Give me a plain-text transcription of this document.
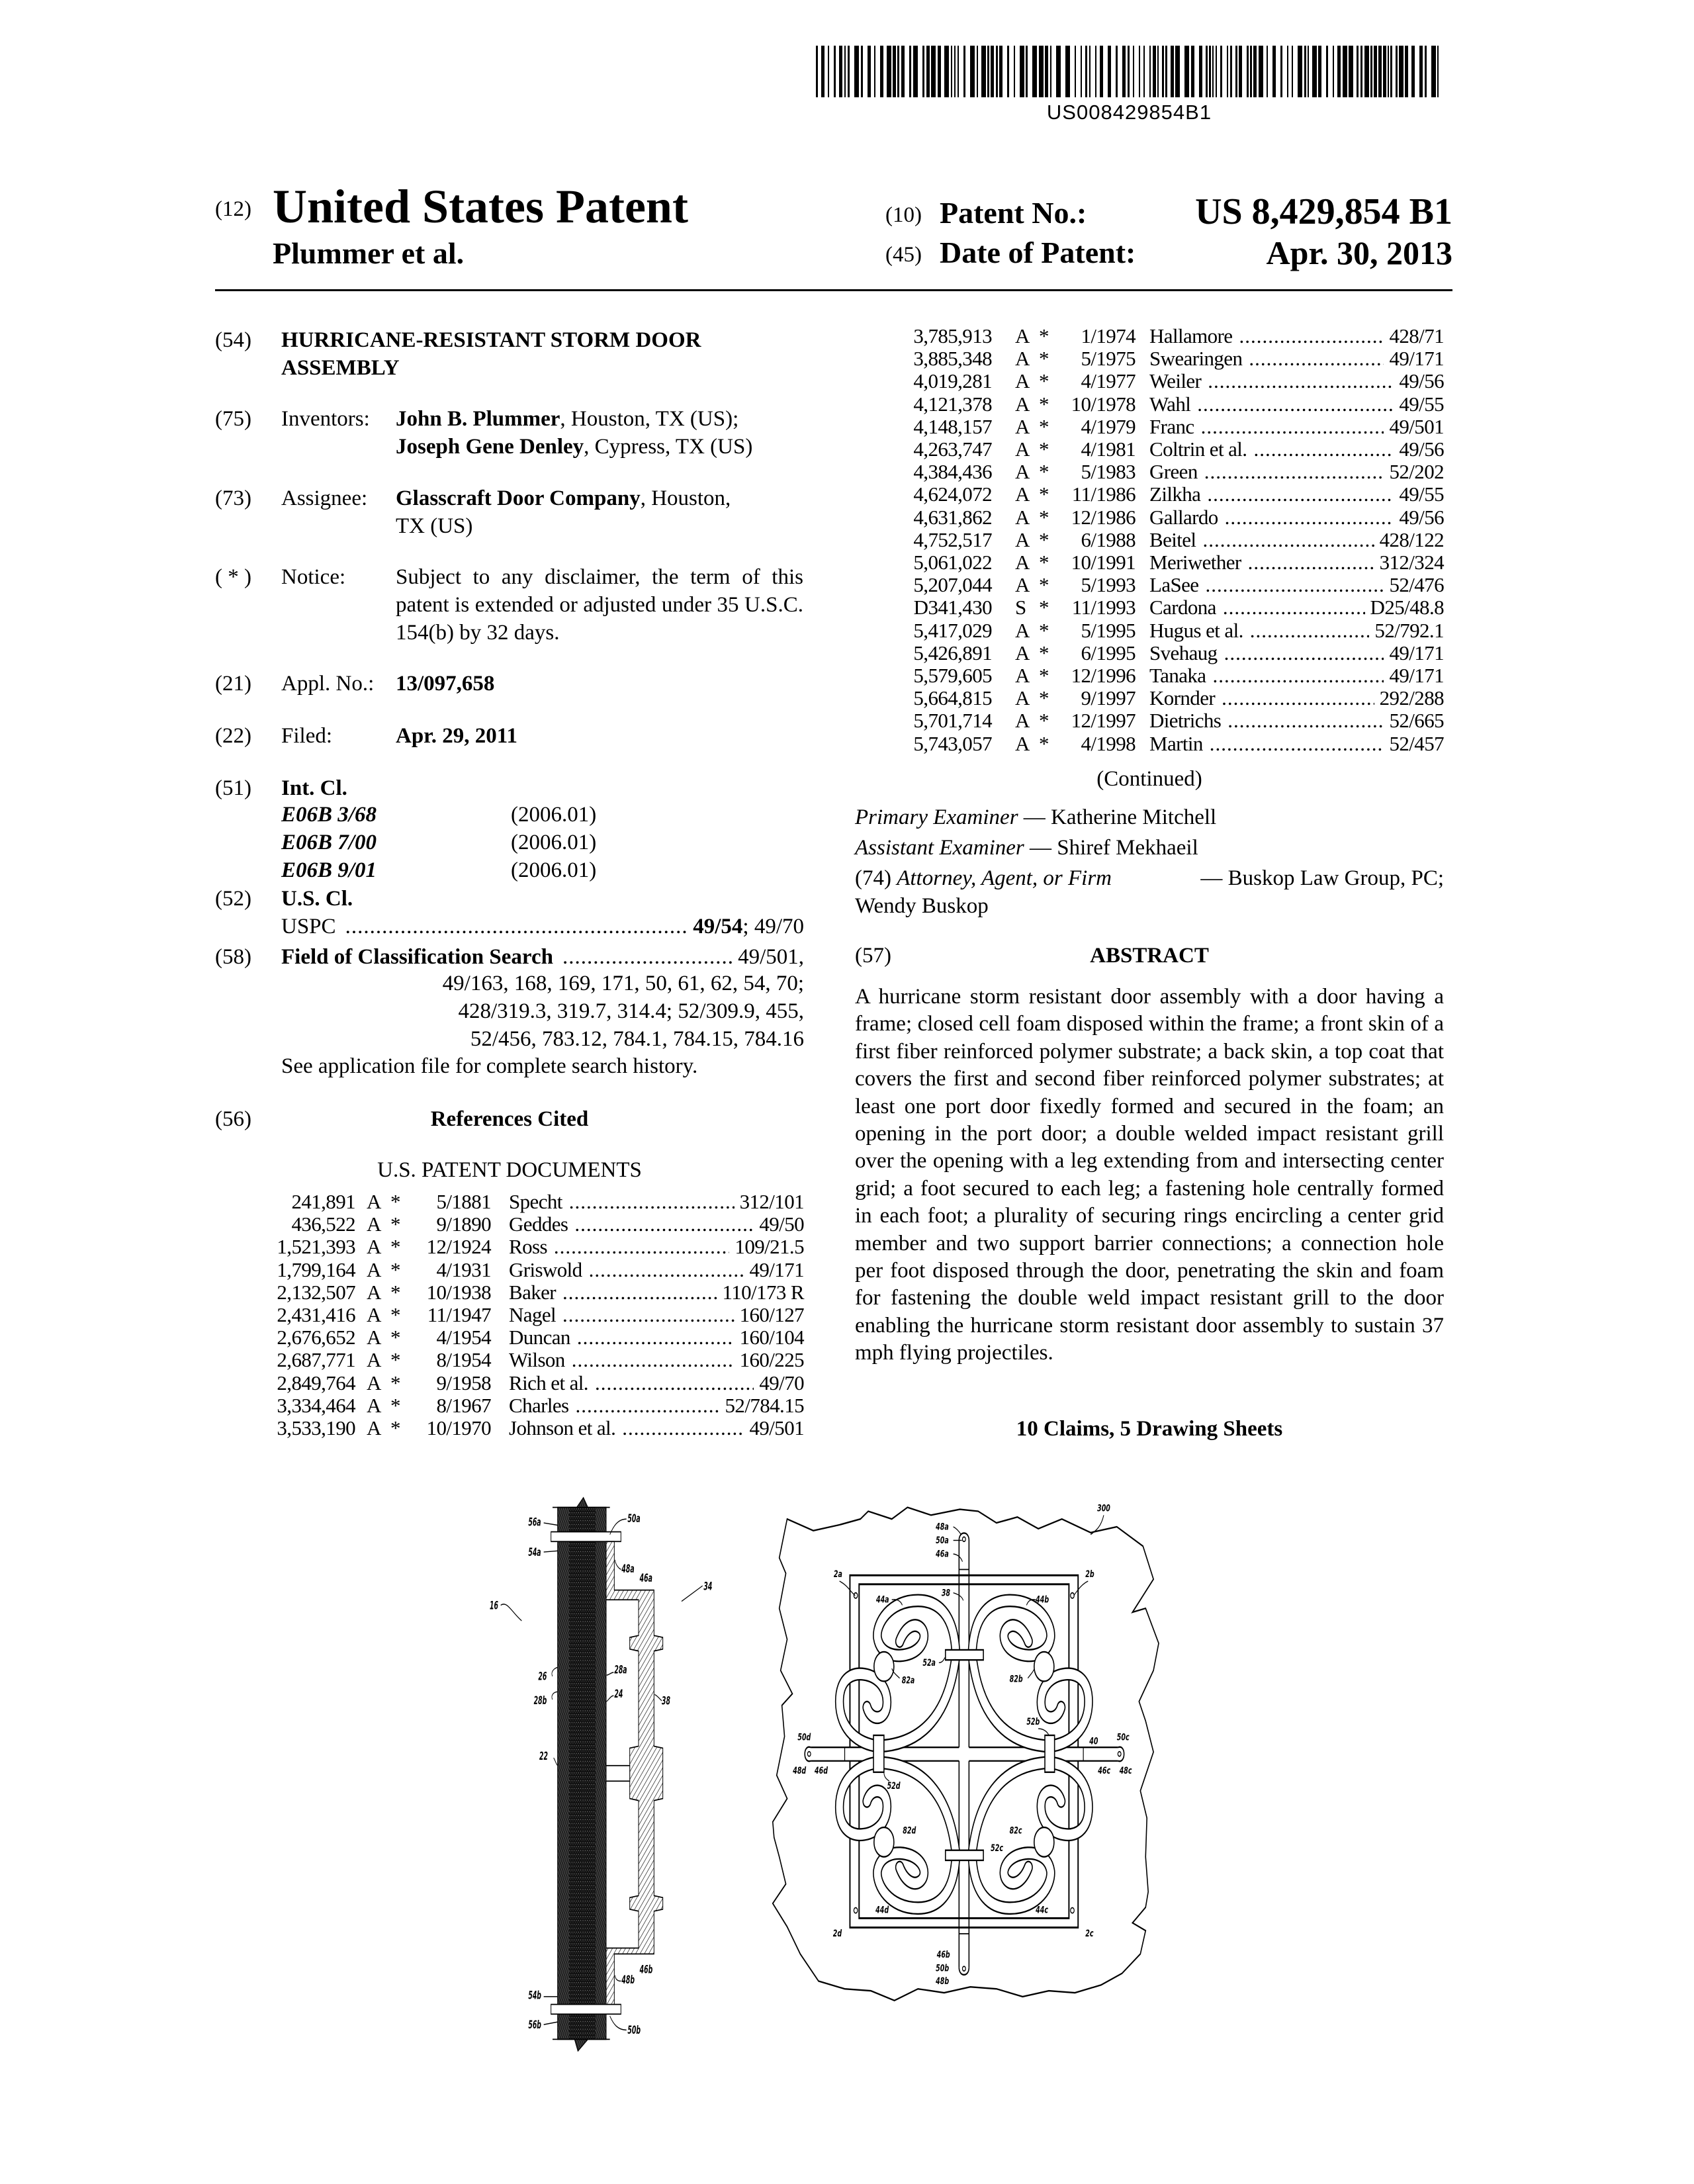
US008429854B1
(12) United States Patent
Plummer et al.
(10) Patent No.:	US 8,429,854 B1
(45) Date of Patent:	Apr. 30, 2013
(54) HURRICANE-RESISTANT STORM DOOR
ASSEMBLY
(75) Inventors: John B. Plummer, Houston, TX (US);
Joseph Gene Denley, Cypress, TX (US)
(73) Assignee: Glasscraft Door Company, Houston,
TX (US)
( * ) Notice: Subject to any disclaimer, the term of this patent is extended or adjusted under 35 U.S.C. 154(b) by 32 days.
(21) Appl. No.: 13/097,658
(22) Filed:	Apr. 29, 2011
(51) Int. Cl.
E06B 3/68	(2006.01)
E06B 7/00	(2006.01)
E06B 9/01	(2006.01)
(52) U.S. Cl.
USPC .....	49/54; 49/70
(58) Field of Classification Search .....	49/501,
49/163, 168, 169, 171, 50, 61, 62, 54, 70;
428/319.3, 319.7, 314.4; 52/309.9, 455,
52/456, 783.12, 784.1, 784.15, 784.16
See application file for complete search history.
(56)	References Cited
U.S. PATENT DOCUMENTS
241,891 A *	5/1881 Specht .....	312/101
436,522 A *	9/1890 Geddes .....	49/50
1,521,393 A *	12/1924 Ross .....	109/21.5
1,799,164 A *	4/1931 Griswold .....	49/171
2,132,507 A *	10/1938 Baker .....	110/173 R
2,431,416 A *	11/1947 Nagel .....	160/127
2,676,652 A *	4/1954 Duncan .....	160/104
2,687,771 A *	8/1954 Wilson .....	160/225
2,849,764 A *	9/1958 Rich et al. .....	49/70
3,334,464 A *	8/1967 Charles .....	52/784.15
3,533,190 A *	10/1970 Johnson et al. .....	49/501
3,785,913 A *	1/1974 Hallamore .....	428/71
3,885,348 A *	5/1975 Swearingen .....	49/171
4,019,281 A *	4/1977 Weiler .....	49/56
4,121,378 A *	10/1978 Wahl .....	49/55
4,148,157 A *	4/1979 Franc .....	49/501
4,263,747 A *	4/1981 Coltrin et al. .....	49/56
4,384,436 A *	5/1983 Green .....	52/202
4,624,072 A *	11/1986 Zilkha .....	49/55
4,631,862 A *	12/1986 Gallardo .....	49/56
4,752,517 A *	6/1988 Beitel .....	428/122
5,061,022 A *	10/1991 Meriwether .....	312/324
5,207,044 A *	5/1993 LaSee .....	52/476
D341,430 S *	11/1993 Cardona .....	D25/48.8
5,417,029 A *	5/1995 Hugus et al. .....	52/792.1
5,426,891 A *	6/1995 Svehaug .....	49/171
5,579,605 A *	12/1996 Tanaka .....	49/171
5,664,815 A *	9/1997 Kornder .....	292/288
5,701,714 A *	12/1997 Dietrichs .....	52/665
5,743,057 A *	4/1998 Martin .....	52/457
(Continued)
Primary Examiner — Katherine Mitchell
Assistant Examiner — Shiref Mekhaeil
(74) Attorney, Agent, or Firm	— Buskop Law Group, PC;
Wendy Buskop
(57)	ABSTRACT
A hurricane storm resistant door assembly with a door having a frame; closed cell foam disposed within the frame; a front skin of a first fiber reinforced polymer substrate; a back skin, a top coat that covers the first and second fiber reinforced polymer substrates; at least one port door fixedly formed and secured in the foam; an opening in the port door; a double welded impact resistant grill over the opening with a leg extending from and intersecting center grid; a foot secured to each leg; a fastening hole centrally formed in each foot; a plurality of securing rings encircling a center grid member and two support barrier connections; a connection hole per foot disposed through the door, penetrating the skin and foam for fastening the double weld impact resistant grill to the door enabling the hurricane storm resistant door assembly to sustain 37 mph flying projectiles.
10 Claims, 5 Drawing Sheets
56a	50a
54a
48a
46a
34
16
26
28a
28b
24
38
22
46b
48b
54b
50b
56b
300
48a
50a
46a
2a	2b
38
44a	44b
52a
82a	82b
52b
50d	40 50c
48d 46d	46c 48c
52d
82d	82c
52c
44d	44c
2d	2c
46b
50b
48b
